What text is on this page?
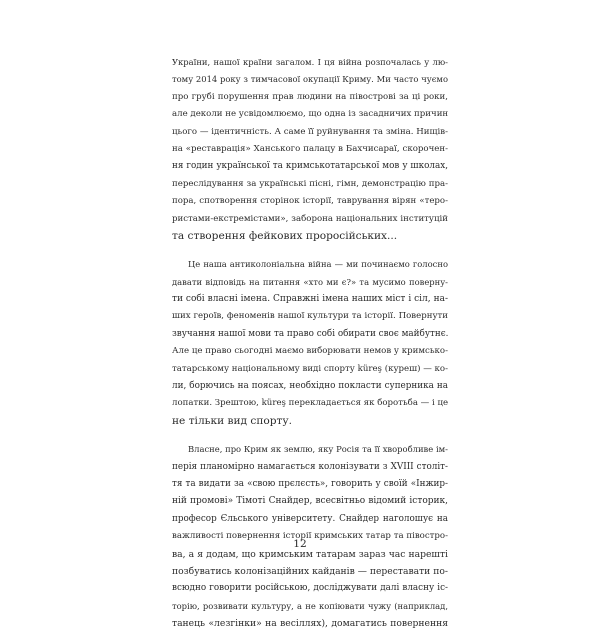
України, нашої країни загалом. І ця війна розпочалась у лю-
тому 2014 року з тимчасової окупації Криму. Ми часто чуємо
про грубі порушення прав людини на півострові за ці роки,
але деколи не усвідомлюємо, що одна із засадничих причин
цього — ідентичність. А саме її руйнування та зміна. Нищів-
на «реставрація» Ханського палацу в Бахчисараї, скорочен-
ня годин української та кримськотатарської мов у школах,
переслідування за українські пісні, гімн, демонстрацію пра-
пора, спотворення сторінок історії, таврування вірян «теро-
ристами-екстремістами», заборона національних інституцій
та створення фейкових проросійських...
Це наша антиколоніальна війна — ми починаємо голосно
давати відповідь на питання «хто ми є?» та мусимо поверну-
ти собі власні імена. Справжні імена наших міст і сіл, на-
ших героїв, феноменів нашої культури та історії. Повернути
звучання нашої мови та право собі обирати своє майбутнє.
Але це право сьогодні маємо виборювати немов у кримсько-
татарському національному виді спорту küreş (куреш) — ко-
ли, борючись на поясах, необхідно покласти суперника на
лопатки. Зрештою, küreş перекладається як боротьба — і це
не тільки вид спорту.
Власне, про Крим як землю, яку Росія та її хворобливе ім-
перія планомірно намагається колонізувати з XVIII століт-
тя та видати за «свою прєлєсть», говорить у своїй «Інжир-
ній промові» Тімоті Снайдер, всесвітньо відомий історик,
професор Єльського університету. Снайдер наголошує на
важливості повернення історії кримських татар та півостро-
ва, а я додам, що кримським татарам зараз час нарешті
позбуватись колонізаційних кайданів — переставати по-
всюдно говорити російською, досліджувати далі власну іс-
торію, розвивати культуру, а не копіювати чужу (наприклад,
танець «лезгінки» на весіллях), домагатись повернення
12
